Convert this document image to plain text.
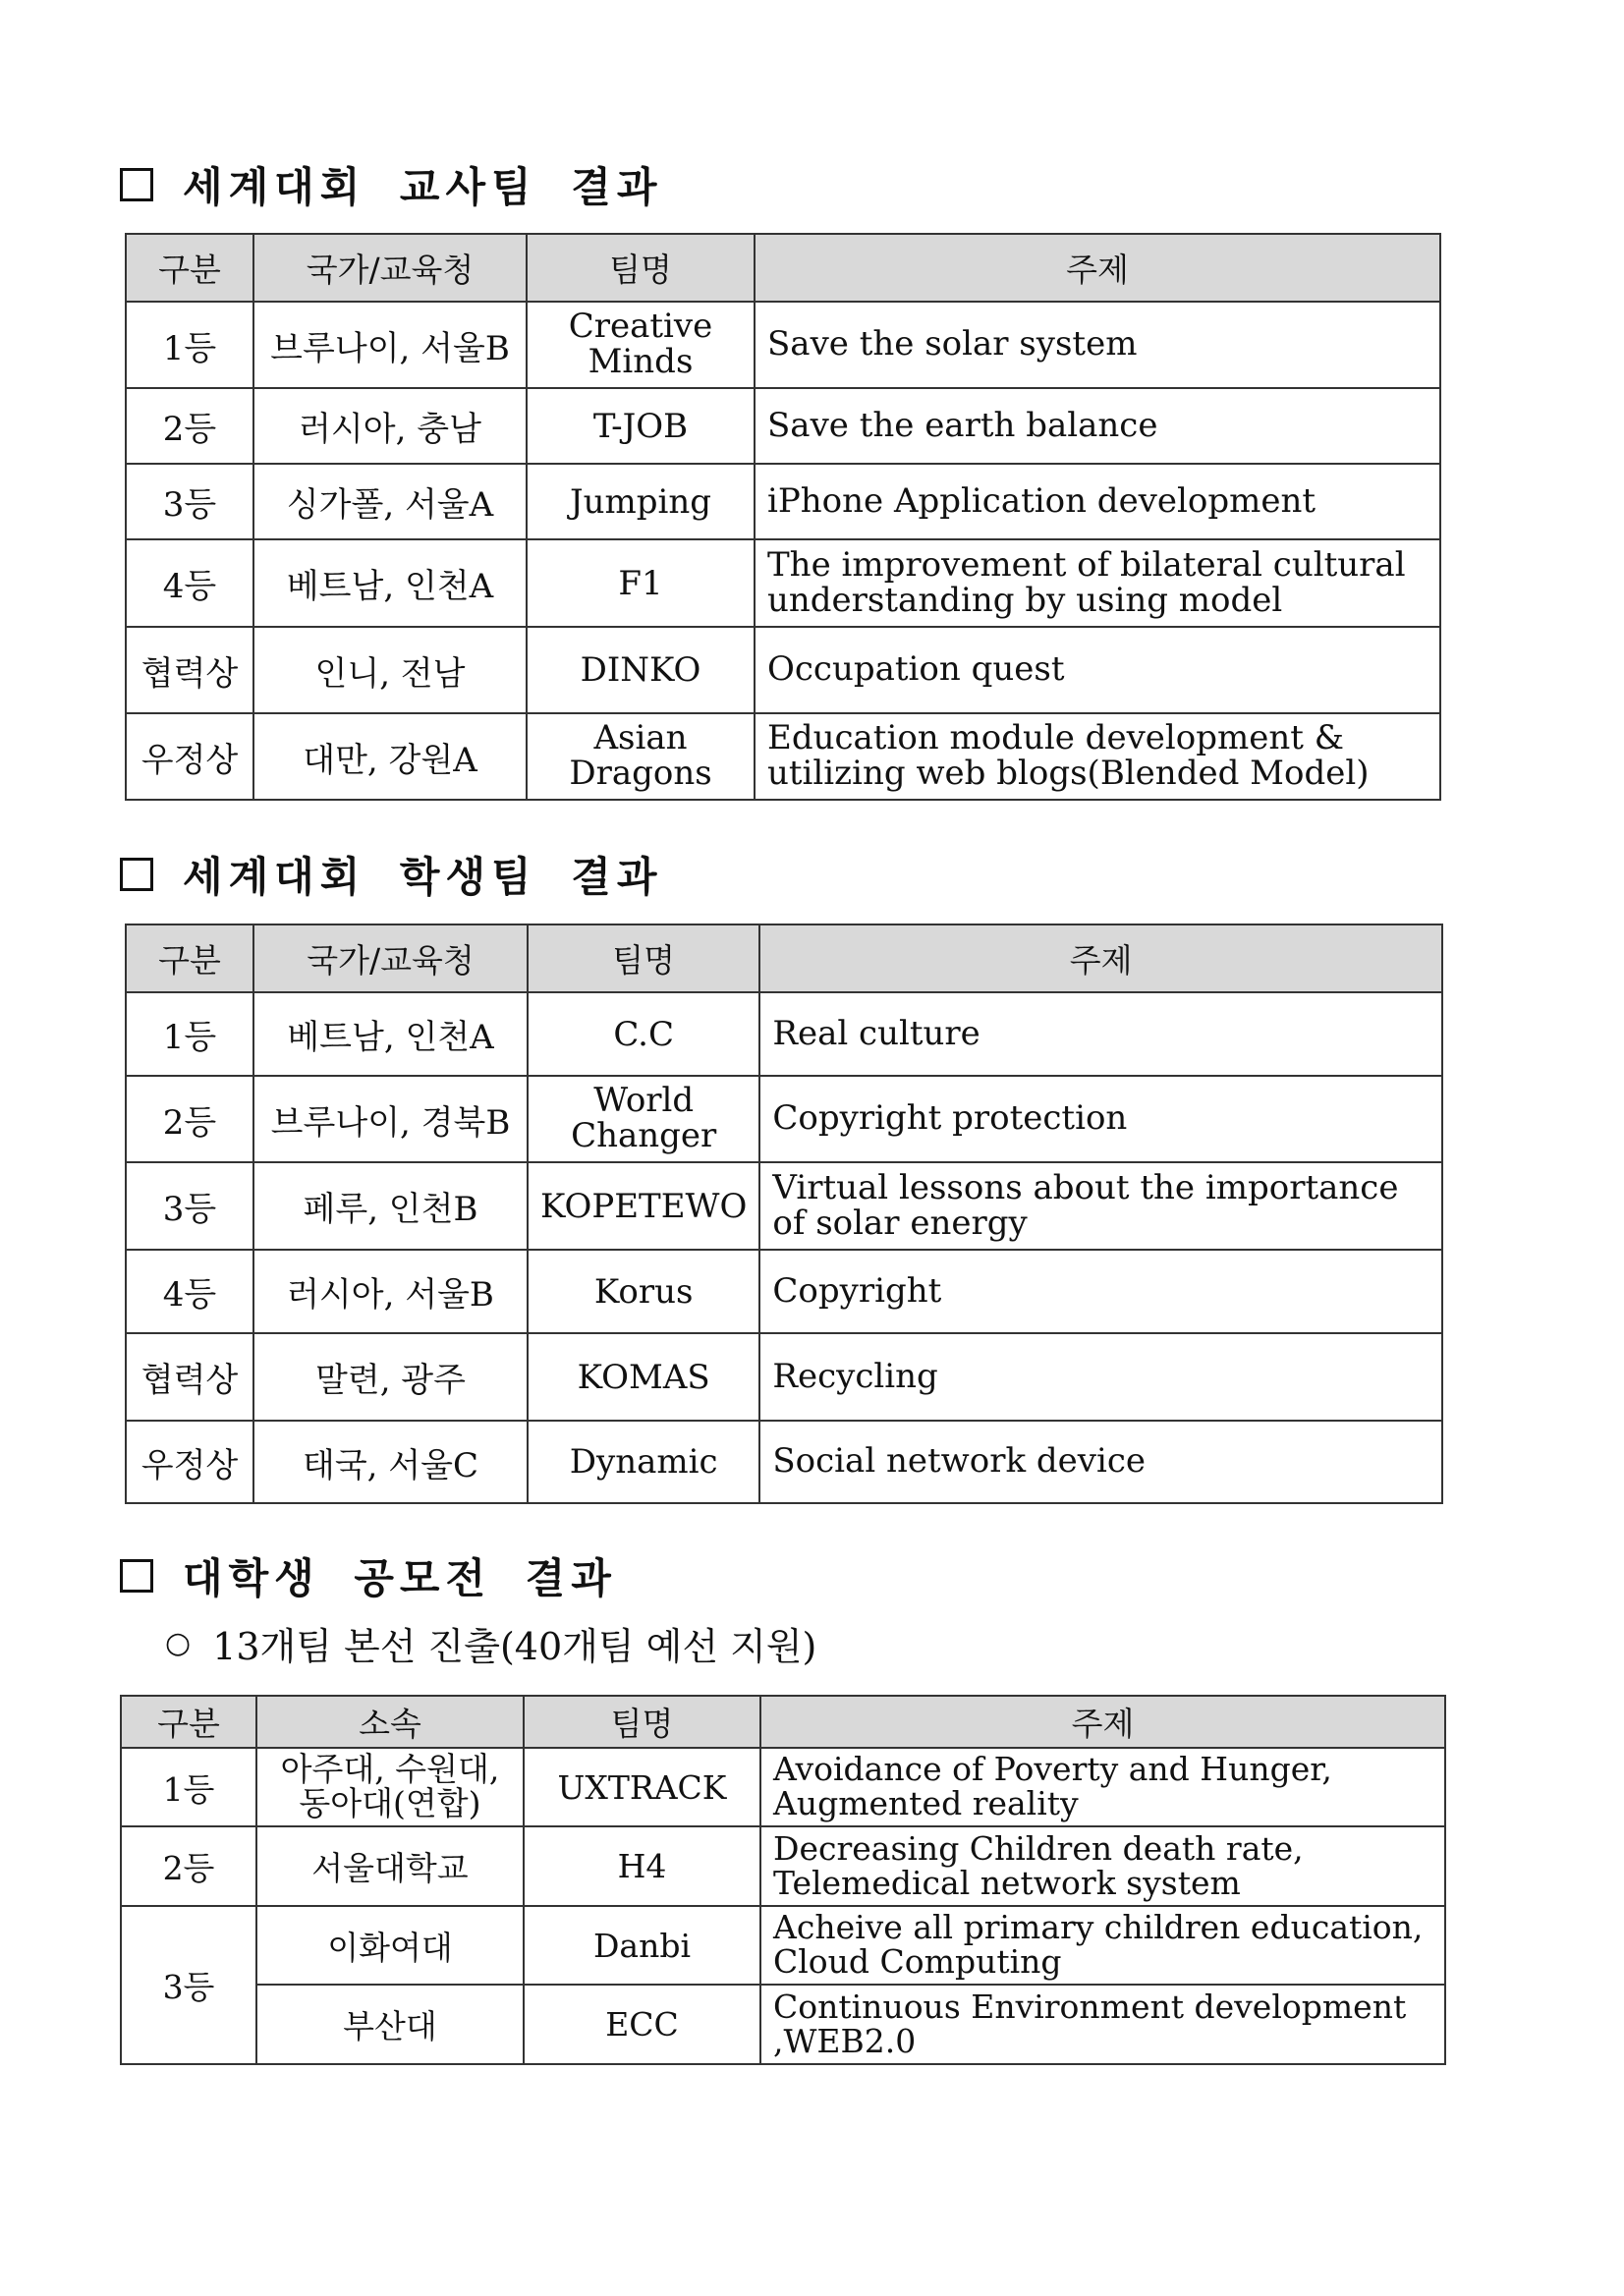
세계대회 교사팀 결과
구분	국가/교육청	팀명	주제
1등	브루나이, 서울B	Creative Minds	Save the solar system
2등	러시아, 충남	T-JOB	Save the earth balance
3등	싱가폴, 서울A	Jumping	iPhone Application development
4등	베트남, 인천A	F1	The improvement of bilateral cultural understanding by using model
협력상	인니, 전남	DINKO	Occupation quest
우정상	대만, 강원A	Asian Dragons	Education module development & utilizing web blogs(Blended Model)
세계대회 학생팀 결과
구분	국가/교육청	팀명	주제
1등	베트남, 인천A	C.C	Real culture
2등	브루나이, 경북B	World Changer	Copyright protection
3등	페루, 인천B	KOPETEWO	Virtual lessons about the importance of solar energy
4등	러시아, 서울B	Korus	Copyright
협력상	말련, 광주	KOMAS	Recycling
우정상	태국, 서울C	Dynamic	Social network device
대학생 공모전 결과
○ 13개팀 본선 진출(40개팀 예선 지원)
구분	소속	팀명	주제
1등	아주대, 수원대, 동아대(연합)	UXTRACK	Avoidance of Poverty and Hunger, Augmented reality
2등	서울대학교	H4	Decreasing Children death rate, Telemedical network system
3등	이화여대	Danbi	Acheive all primary children education, Cloud Computing
	부산대	ECC	Continuous Environment development ,WEB2.0
